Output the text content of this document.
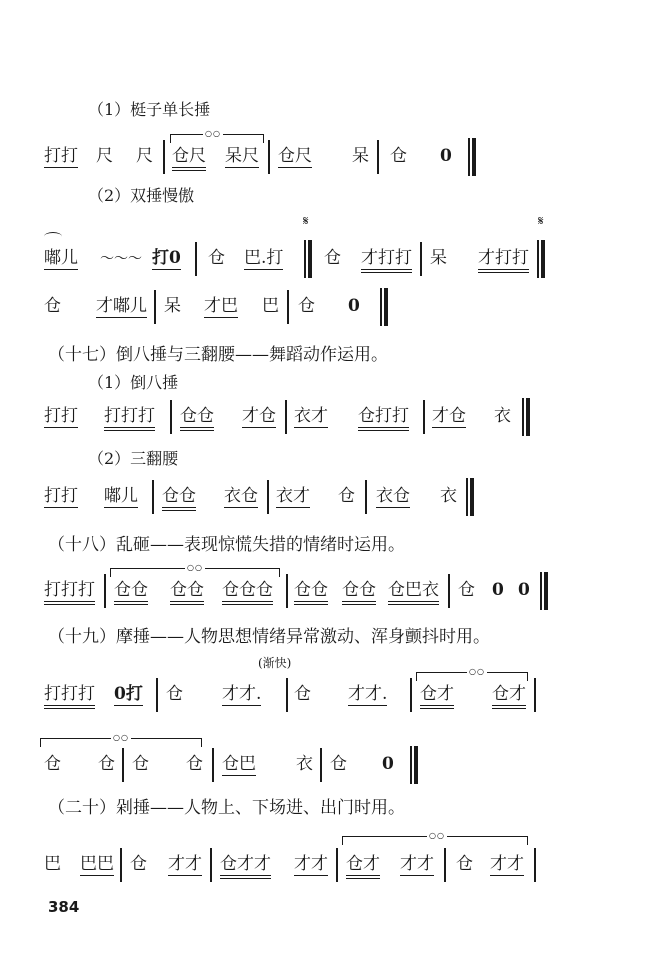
（1）梃子单长捶
（2）双捶慢傲
（十七）倒八捶与三翻腰——舞蹈动作运用。
（1）倒八捶
（2）三翻腰
（十八）乱砸——表现惊慌失措的情绪时运用。
（十九）摩捶——人物思想情绪异常激动、浑身颤抖时用。
（二十）剁捶——人物上、下场进、出门时用。
打打 尺 尺
○○
仓尺 呆尺 仓尺 呆 仓 0
𝄋	𝄋
嘟儿 ～～～ 打0 仓 巴.打 仓 才打打 呆 才打打
仓 才嘟儿 呆 才巴 巴 仓 0
打打 打打打 仓仓 才仓 衣才 仓打打 才仓 衣
打打 嘟儿 仓仓 衣仓 衣才 仓 衣仓 衣
打打打
○○
仓仓 仓仓 仓仓仓 仓仓 仓仓 仓巴衣 仓 0 0
(渐快)
打打打 0打 仓 才才. 仓 才才.
○○
仓才 仓才
○○
仓 仓 仓 仓 仓巴 衣 仓 0
巴 巴巴 仓 才才 仓才才 才才
○○
仓才 才才 仓 才才
384
